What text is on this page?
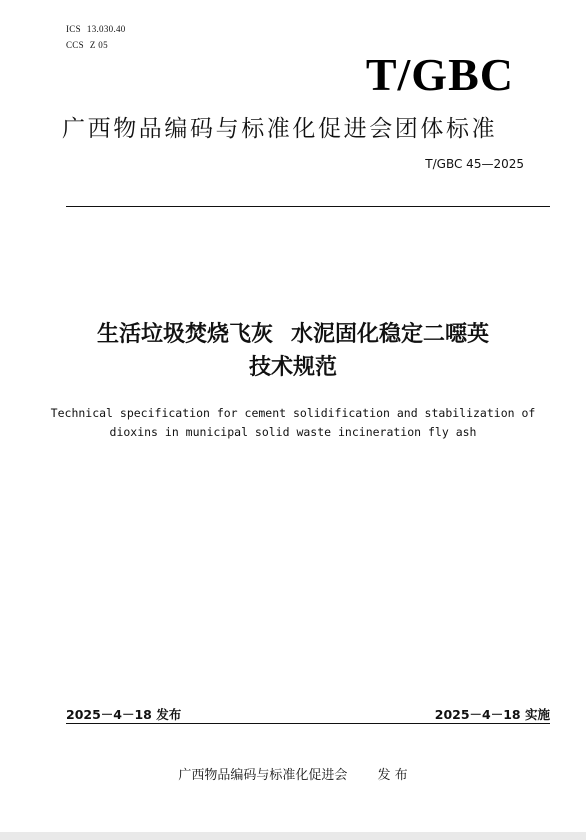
ICS 13.030.40
CCS Z 05
T/GBC
广西物品编码与标准化促进会团体标准
T/GBC 45—2025
生活垃圾焚烧飞灰 水泥固化稳定二噁英
技术规范
Technical specification for cement solidification and stabilization of
dioxins in municipal solid waste incineration fly ash
2025－4－18 发布	2025－4－18 实施
广西物品编码与标准化促进会 发 布
